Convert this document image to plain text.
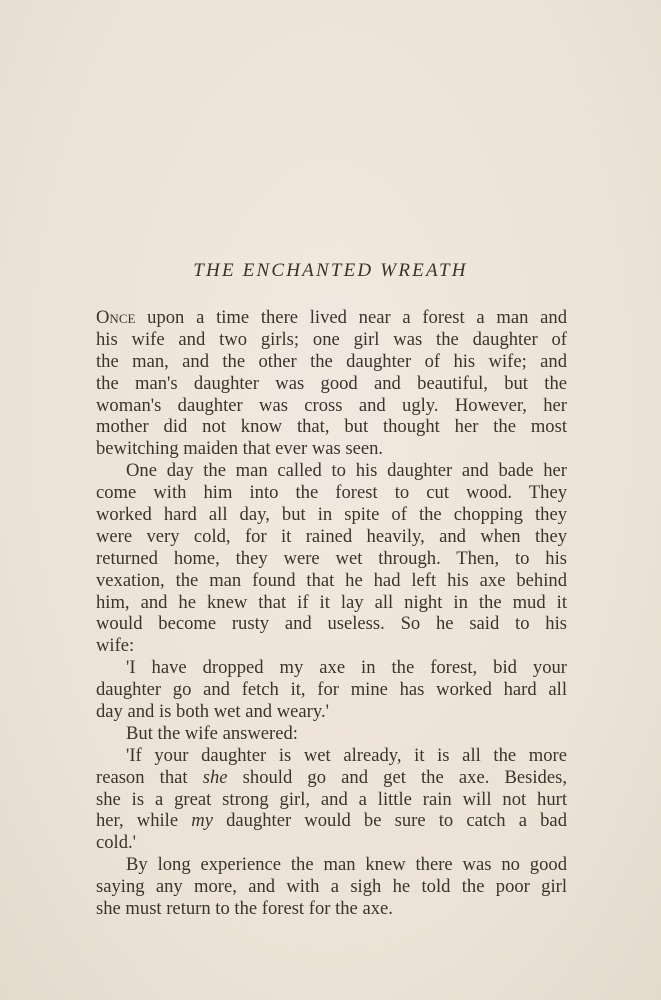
THE ENCHANTED WREATH
Once upon a time there lived near a forest a man and
his wife and two girls; one girl was the daughter of
the man, and the other the daughter of his wife; and
the man's daughter was good and beautiful, but the
woman's daughter was cross and ugly. However, her
mother did not know that, but thought her the most
bewitching maiden that ever was seen.
One day the man called to his daughter and bade her
come with him into the forest to cut wood. They
worked hard all day, but in spite of the chopping they
were very cold, for it rained heavily, and when they
returned home, they were wet through. Then, to his
vexation, the man found that he had left his axe behind
him, and he knew that if it lay all night in the mud it
would become rusty and useless. So he said to his
wife:
'I have dropped my axe in the forest, bid your
daughter go and fetch it, for mine has worked hard all
day and is both wet and weary.'
But the wife answered:
'If your daughter is wet already, it is all the more
reason that she should go and get the axe. Besides,
she is a great strong girl, and a little rain will not hurt
her, while my daughter would be sure to catch a bad
cold.'
By long experience the man knew there was no good
saying any more, and with a sigh he told the poor girl
she must return to the forest for the axe.
